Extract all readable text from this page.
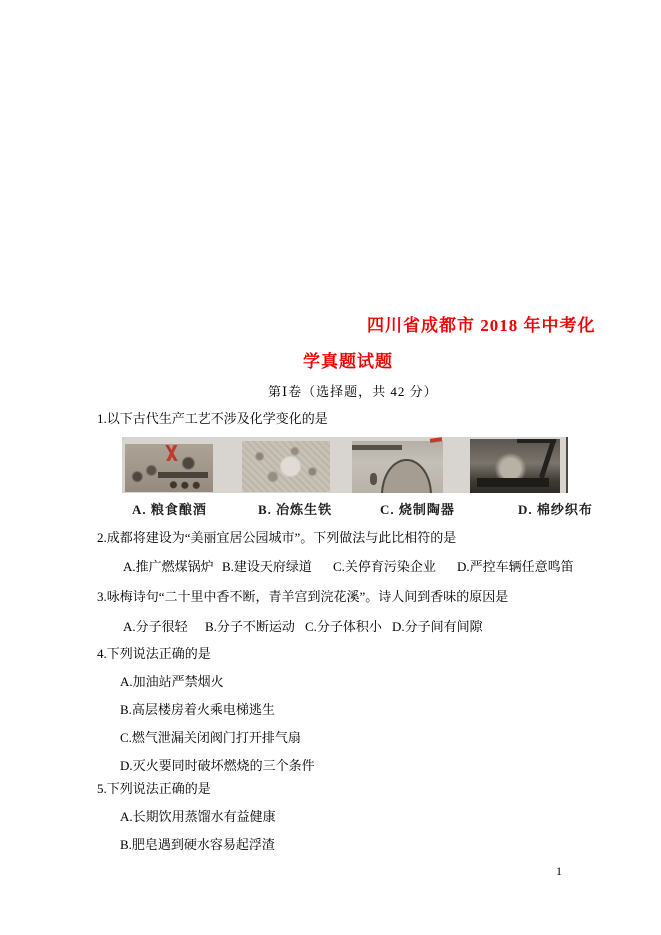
四川省成都市 2018 年中考化
学真题试题
第Ⅰ卷（选择题，共 42 分）
1.以下古代生产工艺不涉及化学变化的是
A. 粮食酿酒	B. 冶炼生铁	C. 烧制陶器	D. 棉纱织布
2.成都将建设为“美丽宜居公园城市”。下列做法与此比相符的是
A.推广燃煤锅炉 B.建设天府绿道 C.关停育污染企业 D.严控车辆任意鸣笛
3.咏梅诗句“二十里中香不断，青羊宫到浣花溪”。诗人间到香味的原因是
A.分子很轻 B.分子不断运动 C.分子体积小 D.分子间有间隙
4.下列说法正确的是
A.加油站严禁烟火
B.高层楼房着火乘电梯逃生
C.燃气泄漏关闭阀门打开排气扇
D.灭火要同时破坏燃烧的三个条件
5.下列说法正确的是
A.长期饮用蒸馏水有益健康
B.肥皂遇到硬水容易起浮渣
1
